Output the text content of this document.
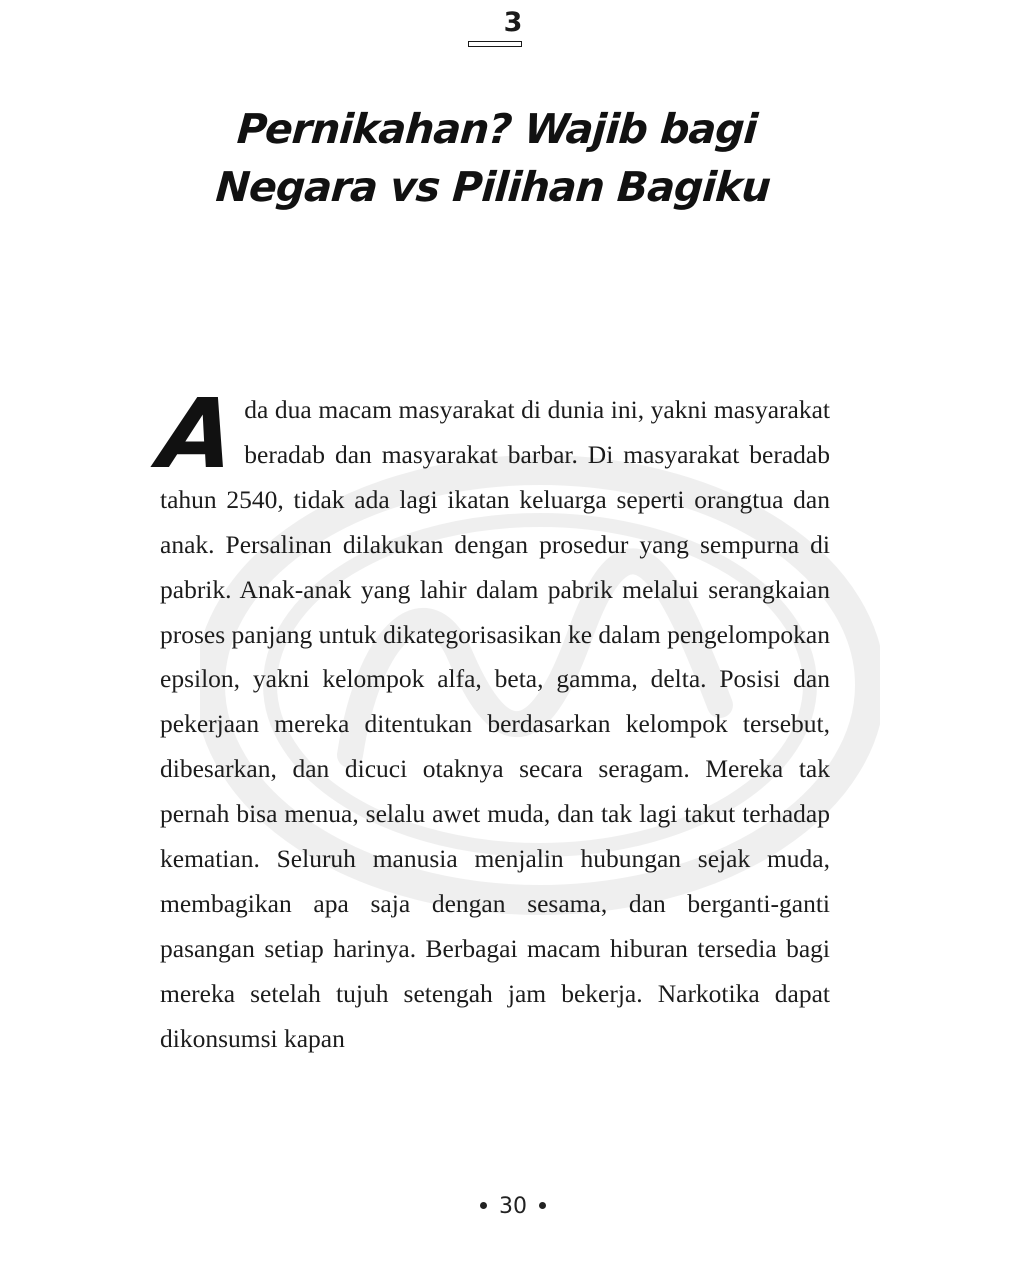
3
Pernikahan? Wajib bagi Negara vs Pilihan Bagiku
Ada dua macam masyarakat di dunia ini, yakni masyarakat beradab dan masyarakat barbar. Di masyarakat beradab tahun 2540, tidak ada lagi ikatan keluarga seperti orangtua dan anak. Persalinan dilakukan dengan prosedur yang sempurna di pabrik. Anak-anak yang lahir dalam pabrik melalui serangkaian proses panjang untuk dikategorisasikan ke dalam pengelompokan epsilon, yakni kelompok alfa, beta, gamma, delta. Posisi dan pekerjaan mereka ditentukan berdasarkan kelompok tersebut, dibesarkan, dan dicuci otaknya secara seragam. Mereka tak pernah bisa menua, selalu awet muda, dan tak lagi takut terhadap kematian. Seluruh manusia menjalin hubungan sejak muda, membagikan apa saja dengan sesama, dan berganti-ganti pasangan setiap harinya. Berbagai macam hiburan tersedia bagi mereka setelah tujuh setengah jam bekerja. Narkotika dapat dikonsumsi kapan
30
